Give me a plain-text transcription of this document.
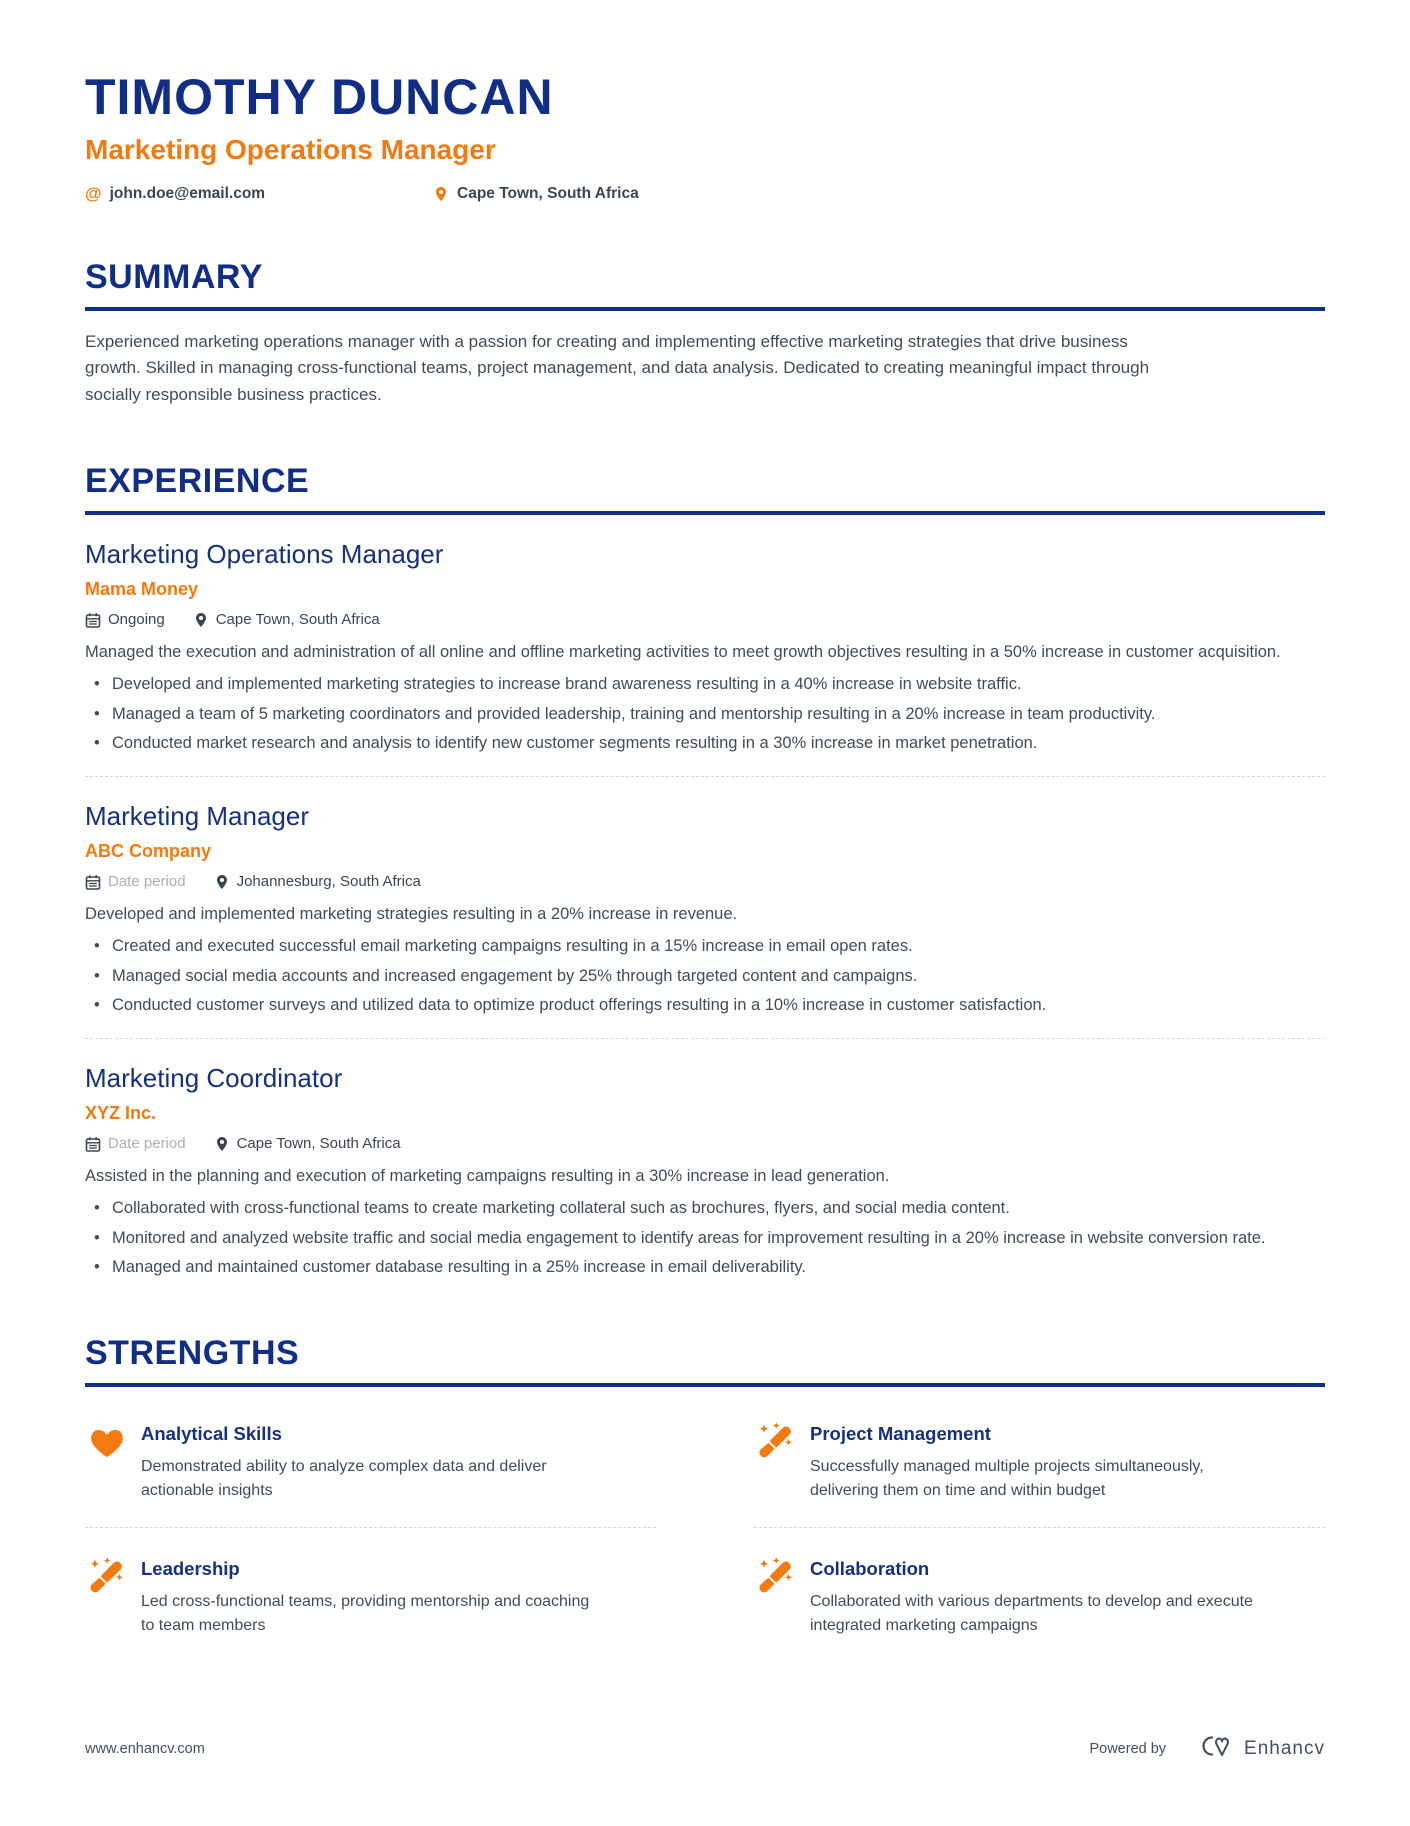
TIMOTHY DUNCAN
Marketing Operations Manager
@ john.doe@email.com	Cape Town, South Africa
SUMMARY

Experienced marketing operations manager with a passion for creating and implementing effective marketing strategies that drive business growth. Skilled in managing cross-functional teams, project management, and data analysis. Dedicated to creating meaningful impact through socially responsible business practices.

EXPERIENCE
Marketing Operations Manager
Mama Money
Ongoing	Cape Town, South Africa

Managed the execution and administration of all online and offline marketing activities to meet growth objectives resulting in a 50% increase in customer acquisition.

• Developed and implemented marketing strategies to increase brand awareness resulting in a 40% increase in website traffic.
• Managed a team of 5 marketing coordinators and provided leadership, training and mentorship resulting in a 20% increase in team productivity.
• Conducted market research and analysis to identify new customer segments resulting in a 30% increase in market penetration.
Marketing Manager
ABC Company
Date period	Johannesburg, South Africa

Developed and implemented marketing strategies resulting in a 20% increase in revenue.

• Created and executed successful email marketing campaigns resulting in a 15% increase in email open rates.
• Managed social media accounts and increased engagement by 25% through targeted content and campaigns.
• Conducted customer surveys and utilized data to optimize product offerings resulting in a 10% increase in customer satisfaction.
Marketing Coordinator
XYZ Inc.
Date period	Cape Town, South Africa

Assisted in the planning and execution of marketing campaigns resulting in a 30% increase in lead generation.

• Collaborated with cross-functional teams to create marketing collateral such as brochures, flyers, and social media content.
• Monitored and analyzed website traffic and social media engagement to identify areas for improvement resulting in a 20% increase in website conversion rate.
• Managed and maintained customer database resulting in a 25% increase in email deliverability.
STRENGTHS
Analytical Skills
Demonstrated ability to analyze complex data and deliver actionable insights
Project Management
Successfully managed multiple projects simultaneously, delivering them on time and within budget
Leadership
Led cross-functional teams, providing mentorship and coaching to team members
Collaboration
Collaborated with various departments to develop and execute integrated marketing campaigns
www.enhancv.com	Powered by	Enhancv
